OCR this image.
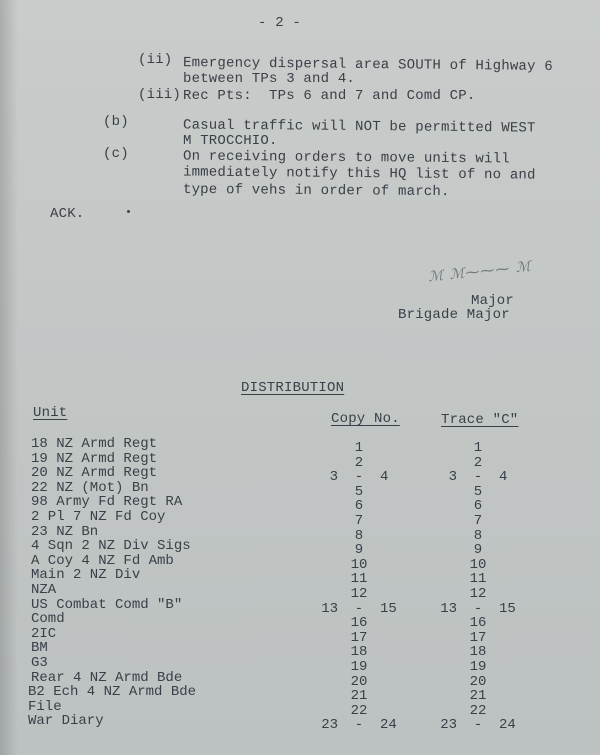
- 2 -
(ii) Emergency dispersal area SOUTH of Highway 6
between TPs 3 and 4.
(iii) Rec Pts:  TPs 6 and 7 and Comd CP.
(b)	Casual traffic will NOT be permitted WEST
M TROCCHIO.
(c)	On receiving orders to move units will
immediately notify this HQ list of no and
type of vehs in order of march.
ACK.
ℳ ℳ⁓⁓⁓ ℳ
Major
Brigade Major
DISTRIBUTION
Unit	Copy No.	Trace "C"
18 NZ Armd Regt	1	1
19 NZ Armd Regt	2	2
20 NZ Armd Regt	3  -  4	3  -  4
22 NZ (Mot) Bn	5	5
98 Army Fd Regt RA	6	6
2 Pl 7 NZ Fd Coy	7	7
23 NZ Bn	8	8
4 Sqn 2 NZ Div Sigs	9	9
A Coy 4 NZ Fd Amb	10	10
Main 2 NZ Div	11	11
NZA	12	12
US Combat Comd "B"	13  -  15	13  -  15
Comd	16	16
2IC	17	17
BM	18	18
G3	19	19
Rear 4 NZ Armd Bde	20	20
B2 Ech 4 NZ Armd Bde	21	21
File	22	22
War Diary	23  -  24	23  -  24
